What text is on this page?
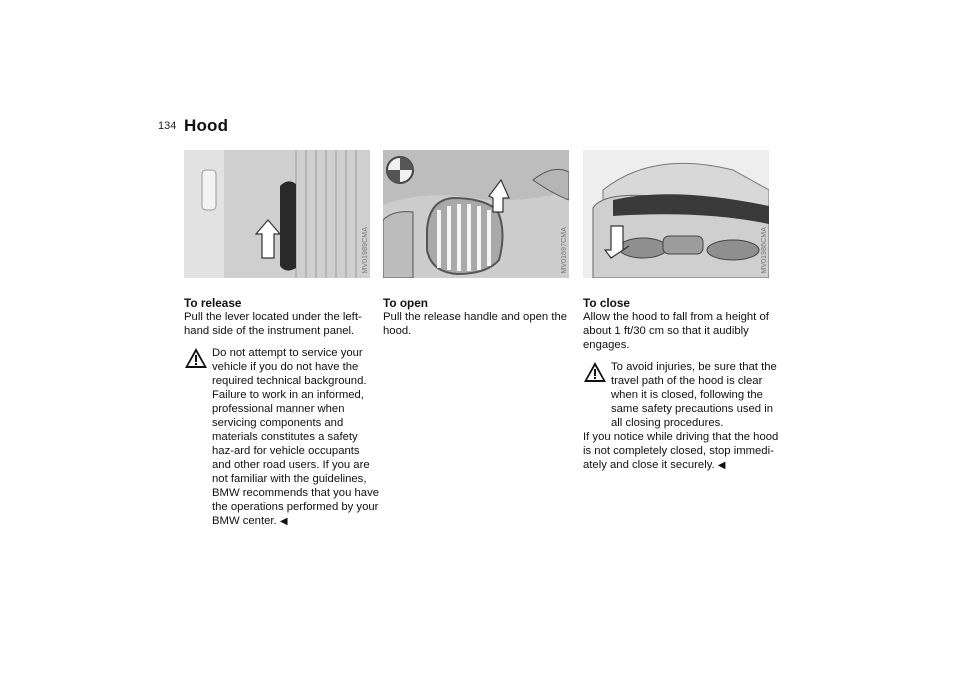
134 Hood
MV01989CMA	MV01697CMA	MV01986CMA
To release

Pull the lever located under the left-hand side of the instrument panel.

Do not attempt to service your

vehicle if you do not have the required technical background. Failure to work in an informed, professional manner when servicing components and materials constitutes a safety haz-ard for vehicle occupants and other road users. If you are not familiar with the guidelines, BMW recommends that you have the operations performed by your BMW center. ◀

To open

Pull the release handle and open the hood.

To close

Allow the hood to fall from a height of about 1 ft/30 cm so that it audibly engages.

To avoid injuries, be sure that the

travel path of the hood is clear when it is closed, following the same safety precautions used in all closing procedures.

If you notice while driving that the hood is not completely closed, stop immedi-ately and close it securely. ◀
